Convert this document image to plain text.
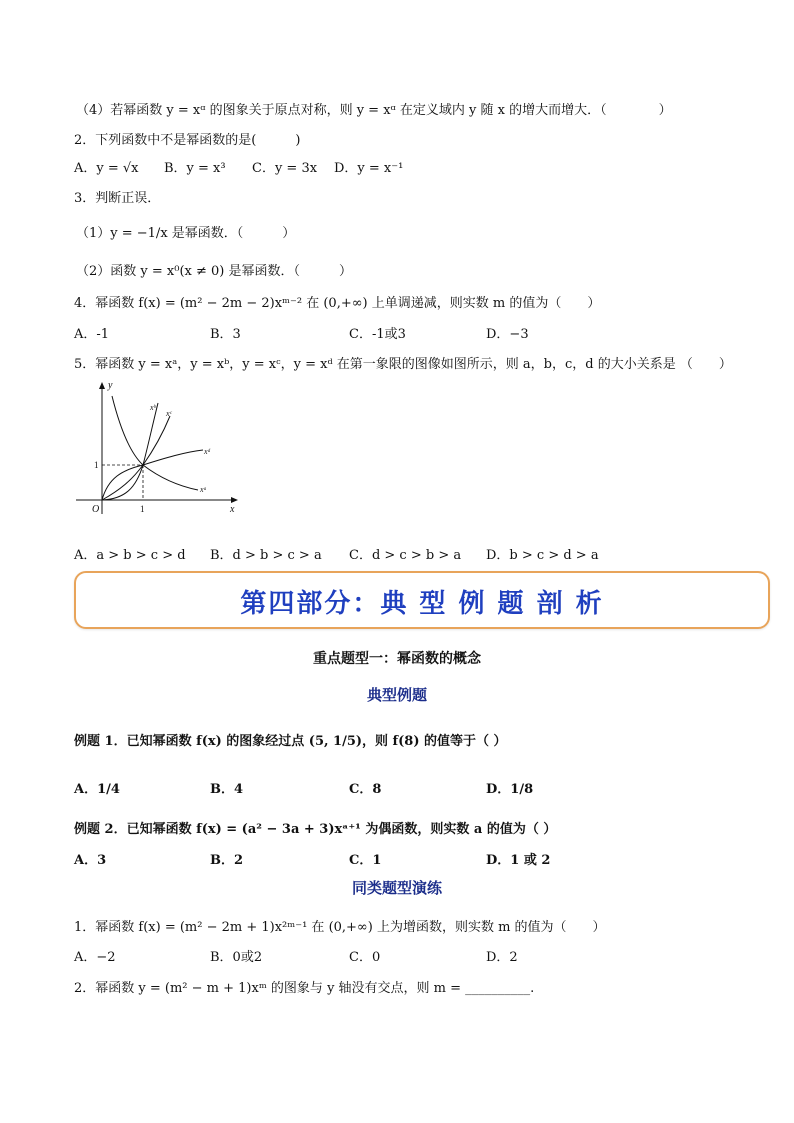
（4）若幂函数 y = xᵅ 的图象关于原点对称，则 y = xᵅ 在定义域内 y 随 x 的增大而增大．（　　　　）
2．下列函数中不是幂函数的是(　　　)
A．y = √x B．y = x³ C．y = 3x D．y = x⁻¹
3．判断正误．
（1）y = −1/x 是幂函数．（　　　）
（2）函数 y = x⁰(x ≠ 0) 是幂函数．（　　　）
4．幂函数 f(x) = (m² − 2m − 2)xᵐ⁻² 在 (0,+∞) 上单调递减，则实数 m 的值为（　　）
A．-1	B．3	C．-1或3	D．−3
5．幂函数 y = xᵃ，y = xᵇ，y = xᶜ，y = xᵈ 在第一象限的图像如图所示，则 a，b，c，d 的大小关系是 （　　）
y
x
O	1
1
xᵇ
xᶜ
xᵈ
xᵃ
A．a > b > c > d B．d > b > c > a C．d > c > b > a D．b > c > d > a
第四部分：典 型 例 题 剖 析
重点题型一：幂函数的概念
典型例题
例题 1．已知幂函数 f(x) 的图象经过点 (5, 1/5)，则 f(8) 的值等于（ ）
A．1/4	B．4	C．8	D．1/8
例题 2．已知幂函数 f(x) = (a² − 3a + 3)xᵃ⁺¹ 为偶函数，则实数 a 的值为（ ）
A．3	B．2	C．1	D．1 或 2
同类题型演练
1．幂函数 f(x) = (m² − 2m + 1)x²ᵐ⁻¹ 在 (0,+∞) 上为增函数，则实数 m 的值为（　　）
A．−2	B．0或2	C．0	D．2
2．幂函数 y = (m² − m + 1)xᵐ 的图象与 y 轴没有交点，则 m = __________.
